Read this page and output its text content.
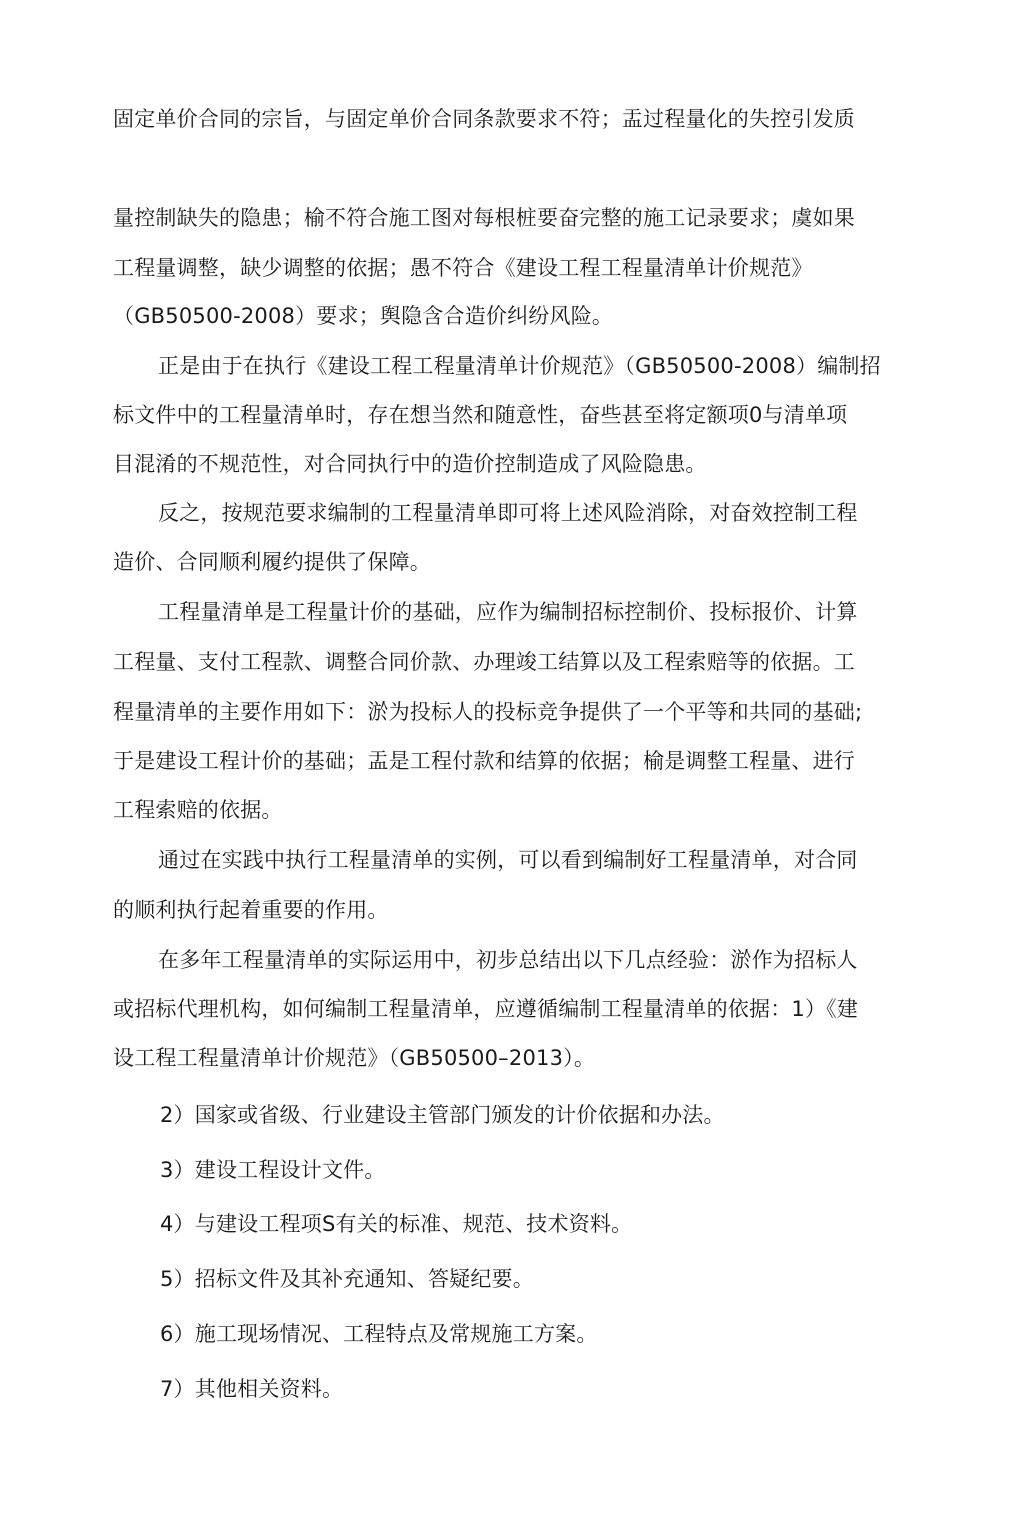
固定单价合同的宗旨，与固定单价合同条款要求不符；盂过程量化的失控引发质
量控制缺失的隐患；榆不符合施工图对每根桩要奋完整的施工记录要求；虞如果
工程量调整，缺少调整的依据；愚不符合《建设工程工程量清单计价规范》
（GB50500-2008）要求；舆隐含合造价纠纷风险。
正是由于在执行《建设工程工程量清单计价规范》（GB50500-2008）编制招
标文件中的工程量清单时，存在想当然和随意性，奋些甚至将定额项0与清单项
目混淆的不规范性，对合同执行中的造价控制造成了风险隐患。
反之，按规范要求编制的工程量清单即可将上述风险消除，对奋效控制工程
造价、合同顺利履约提供了保障。
工程量清单是工程量计价的基础，应作为编制招标控制价、投标报价、计算
工程量、支付工程款、调整合同价款、办理竣工结算以及工程索赔等的依据。工
程量清单的主要作用如下：淤为投标人的投标竞争提供了一个平等和共同的基础;
于是建设工程计价的基础；盂是工程付款和结算的依据；榆是调整工程量、进行
工程索赔的依据。
通过在实践中执行工程量清单的实例，可以看到编制好工程量清单，对合同
的顺利执行起着重要的作用。
在多年工程量清单的实际运用中，初步总结出以下几点经验：淤作为招标人
或招标代理机构，如何编制工程量清单，应遵循编制工程量清单的依据：1）《建
设工程工程量清单计价规范》（GB50500–2013）。
2）国家或省级、行业建设主管部门颁发的计价依据和办法。
3）建设工程设计文件。
4）与建设工程项S有关的标准、规范、技术资料。
5）招标文件及其补充通知、答疑纪要。
6）施工现场情况、工程特点及常规施工方案。
7）其他相关资料。
